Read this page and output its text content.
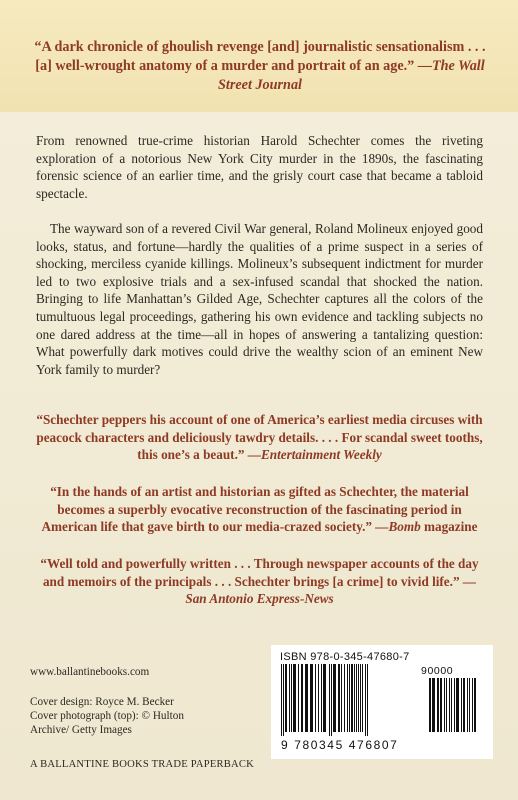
“A dark chronicle of ghoulish revenge [and] journalistic sensationalism . . . [a] well-wrought anatomy of a murder and portrait of an age.” —The Wall Street Journal

From renowned true-crime historian Harold Schechter comes the riveting exploration of a notorious New York City murder in the 1890s, the fascinating forensic science of an earlier time, and the grisly court case that became a tabloid spectacle.

The wayward son of a revered Civil War general, Roland Molineux enjoyed good looks, status, and fortune—hardly the qualities of a prime suspect in a series of shocking, merciless cyanide killings. Molineux’s subsequent indictment for murder led to two explosive trials and a sex-infused scandal that shocked the nation. Bringing to life Manhattan’s Gilded Age, Schechter captures all the colors of the tumultuous legal proceedings, gathering his own evidence and tackling subjects no one dared address at the time—all in hopes of answering a tantalizing question: What powerfully dark motives could drive the wealthy scion of an eminent New York family to murder?

“Schechter peppers his account of one of America’s earliest media circuses with peacock characters and deliciously tawdry details. . . . For scandal sweet tooths, this one’s a beaut.” —Entertainment Weekly
“In the hands of an artist and historian as gifted as Schechter, the material becomes a superbly evocative reconstruction of the fascinating period in American life that gave birth to our media-crazed society.” —Bomb magazine
“Well told and powerfully written . . . Through newspaper accounts of the day and memoirs of the principals . . . Schechter brings [a crime] to vivid life.” —San Antonio Express-News
www.ballantinebooks.com
Cover design: Royce M. Becker
Cover photograph (top): © Hulton Archive/ Getty Images
A BALLANTINE BOOKS TRADE PAPERBACK
ISBN 978-0-345-47680-7
90000
9 780345 476807
